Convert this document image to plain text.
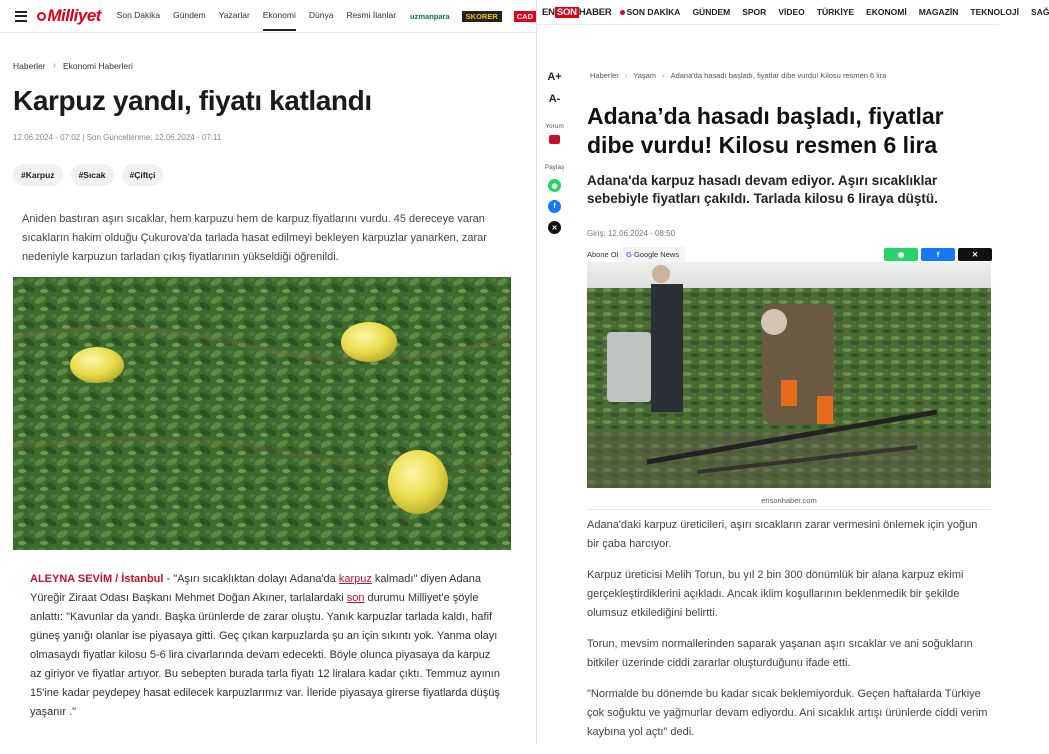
Milliyet Son Dakika Gündem Yazarlar Ekonomi Dünya Resmi İlanlar uzmanpara	SKORER	CAD
Haberler › Ekonomi Haberleri
Karpuz yandı, fiyatı katlandı
12.06.2024 - 07:02 | Son Güncellenme: 12.06.2024 - 07:11
#Karpuz	#Sıcak	#Çiftçi

Aniden bastıran aşırı sıcaklar, hem karpuzu hem de karpuz fiyatlarını vurdu. 45 dereceye varan sıcakların hakim olduğu Çukurova'da tarlada hasat edilmeyi bekleyen karpuzlar yanarken, zarar nedeniyle karpuzun tarladan çıkış fiyatlarının yükseldiği öğrenildi.

ALEYNA SEVİM / İstanbul - "Aşırı sıcaklıktan dolayı Adana'da karpuz kalmadı" diyen Adana Yüreğir Ziraat Odası Başkanı Mehmet Doğan Akıner, tarlalardaki son durumu Milliyet'e şöyle anlattı: "Kavunlar da yandı. Başka ürünlerde de zarar oluştu. Yanık karpuzlar tarlada kaldı, hafif güneş yanığı olanlar ise piyasaya gitti. Geç çıkan karpuzlarda şu an için sıkıntı yok. Yanma olayı olmasaydı fiyatlar kilosu 5-6 lira civarlarında devam edecekti. Böyle olunca piyasaya da karpuz az giriyor ve fiyatlar artıyor. Bu sebepten burada tarla fiyatı 12 liralara kadar çıktı. Temmuz ayının 15'ine kadar peydepey hasat edilecek karpuzlarımız var. İleride piyasaya girerse fiyatlarda düşüş yaşanır ."

EN SON HABER	SON DAKİKA GÜNDEM SPOR VİDEO TÜRKİYE EKONOMİ MAGAZİN TEKNOLOJİ SAĞ
A+
A-
Yorum
Paylaş
◉
f
✕
Haberler › Yaşam › Adana'da hasadı başladı, fiyatlar dibe vurdu! Kilosu resmen 6 lira
Adana’da hasadı başladı, fiyatlar dibe vurdu! Kilosu resmen 6 lira
Adana'da karpuz hasadı devam ediyor. Aşırı sıcaklıklar sebebiyle fiyatları çakıldı. Tarlada kilosu 6 liraya düştü.
Giriş: 12.06.2024 - 08:50
Abone Ol	G Google News	◉	f	✕
ensonhaber.com

Adana'daki karpuz üreticileri, aşırı sıcakların zarar vermesini önlemek için yoğun bir çaba harcıyor.

Karpuz üreticisi Melih Torun, bu yıl 2 bin 300 dönümlük bir alana karpuz ekimi gerçekleştirdiklerini açıkladı. Ancak iklim koşullarının beklenmedik bir şekilde olumsuz etkilediğini belirtti.

Torun, mevsim normallerinden saparak yaşanan aşırı sıcaklar ve ani soğukların bitkiler üzerinde ciddi zararlar oluşturduğunu ifade etti.

"Normalde bu dönemde bu kadar sıcak beklemiyorduk. Geçen haftalarda Türkiye çok soğuktu ve yağmurlar devam ediyordu. Ani sıcaklık artışı ürünlerde ciddi verim kaybına yol açtı" dedi.
